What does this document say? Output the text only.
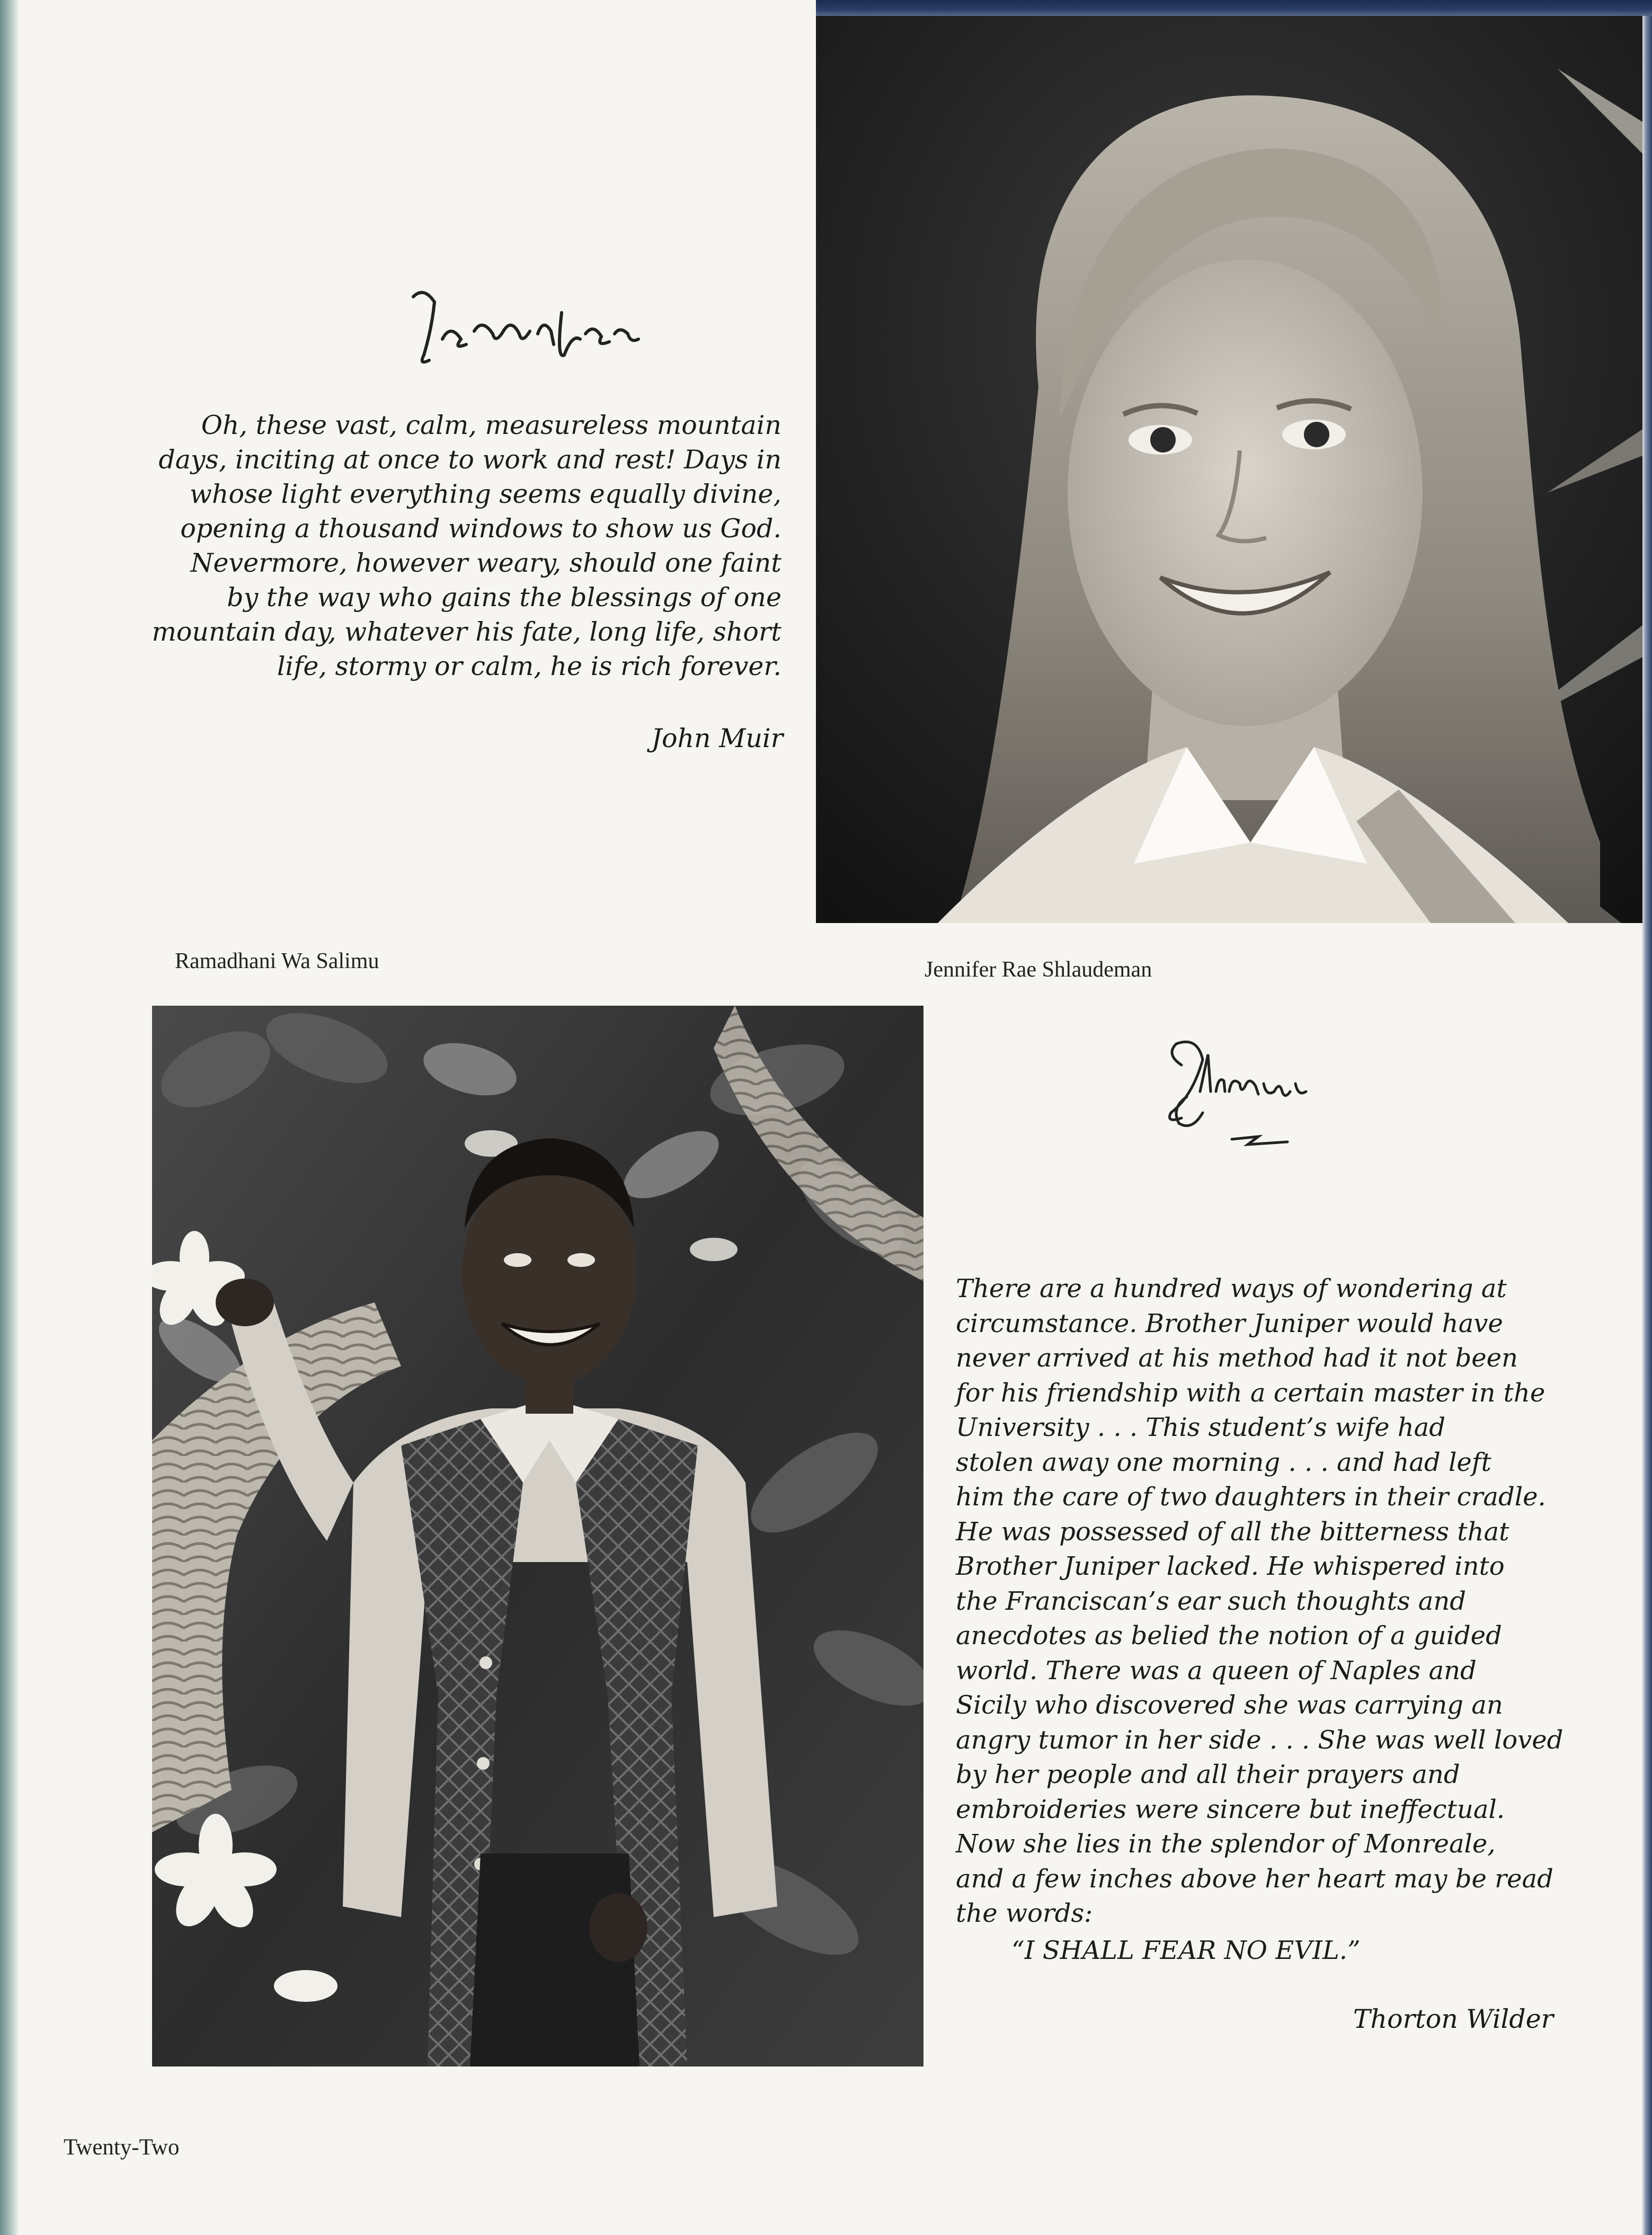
Oh, these vast, calm, measureless mountain
days, inciting at once to work and rest! Days in
whose light everything seems equally divine,
opening a thousand windows to show us God.
Nevermore, however weary, should one faint
by the way who gains the blessings of one
mountain day, whatever his fate, long life, short
life, stormy or calm, he is rich forever.
John Muir
Ramadhani Wa Salimu	Jennifer Rae Shlaudeman
There are a hundred ways of wondering at
circumstance. Brother Juniper would have
never arrived at his method had it not been
for his friendship with a certain master in the
University . . . This student’s wife had
stolen away one morning . . . and had left
him the care of two daughters in their cradle.
He was possessed of all the bitterness that
Brother Juniper lacked. He whispered into
the Franciscan’s ear such thoughts and
anecdotes as belied the notion of a guided
world. There was a queen of Naples and
Sicily who discovered she was carrying an
angry tumor in her side . . . She was well loved
by her people and all their prayers and
embroideries were sincere but ineffectual.
Now she lies in the splendor of Monreale,
and a few inches above her heart may be read
the words:
“I SHALL FEAR NO EVIL.”
Thorton Wilder
Twenty-Two
